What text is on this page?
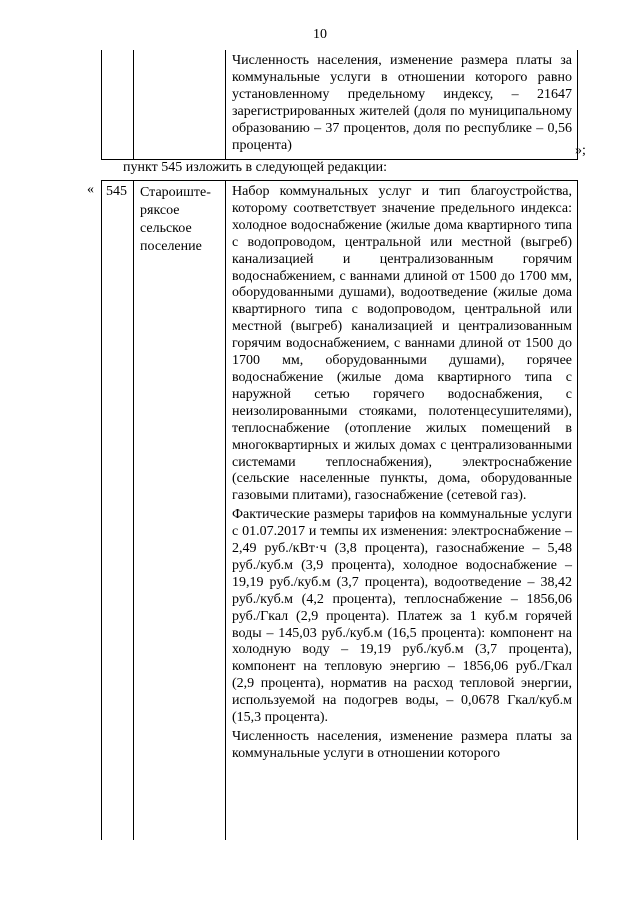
10
Численность населения, изменение размера платы за коммунальные услуги в отношении которого равно установленному предельному индексу, – 21647 зарегистрированных жителей (доля по муниципальному образованию – 37 процентов, доля по республике – 0,56 процента)	»;
пункт 545 изложить в следующей редакции:
« 545 Староиште-
ряксое
сельское
поселение

Набор коммунальных услуг и тип благоустройства, которому соответствует значение предельного индекса: холодное водоснабжение (жилые дома квартирного типа с водопроводом, центральной или местной (выгреб) канализацией и централизованным горячим водоснабжением, с ваннами длиной от 1500 до 1700 мм, оборудованными душами), водоотведение (жилые дома квартирного типа с водопроводом, центральной или местной (выгреб) канализацией и централизованным горячим водоснабжением, с ваннами длиной от 1500 до 1700 мм, оборудованными душами), горячее водоснабжение (жилые дома квартирного типа с наружной сетью горячего водоснабжения, с неизолированными стояками, полотенцесушителями), теплоснабжение (отопление жилых помещений в многоквартирных и жилых домах с централизованными системами теплоснабжения), электроснабжение (сельские населенные пункты, дома, оборудованные газовыми плитами), газоснабжение (сетевой газ).

Фактические размеры тарифов на коммунальные услуги с 01.07.2017 и темпы их изменения: электроснабжение – 2,49 руб./кВт·ч (3,8 процента), газоснабжение – 5,48 руб./куб.м (3,9 процента), холодное водоснабжение – 19,19 руб./куб.м (3,7 процента), водоотведение – 38,42 руб./куб.м (4,2 процента), теплоснабжение – 1856,06 руб./Гкал (2,9 процента). Платеж за 1 куб.м горячей воды – 145,03 руб./куб.м (16,5 процента): компонент на холодную воду – 19,19 руб./куб.м (3,7 процента), компонент на тепловую энергию – 1856,06 руб./Гкал (2,9 процента), норматив на расход тепловой энергии, используемой на подогрев воды, – 0,0678 Гкал/куб.м (15,3 процента).

Численность населения, изменение размера платы за коммунальные услуги в отношении которого
